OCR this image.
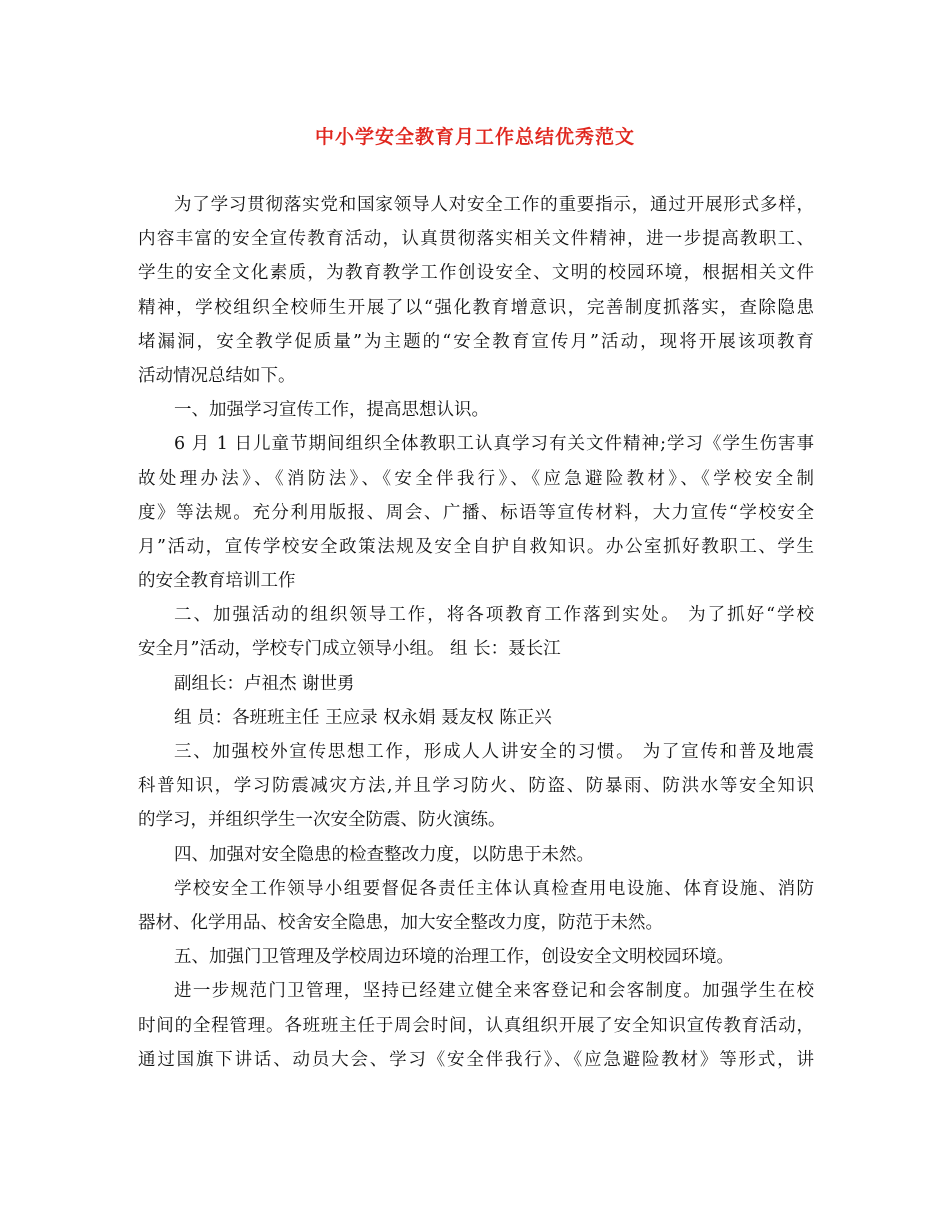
中小学安全教育月工作总结优秀范文
为了学习贯彻落实党和国家领导人对安全工作的重要指示，通过开展形式多样，
内容丰富的安全宣传教育活动，认真贯彻落实相关文件精神，进一步提高教职工、
学生的安全文化素质，为教育教学工作创设安全、文明的校园环境，根据相关文件
精神，学校组织全校师生开展了以“强化教育增意识，完善制度抓落实，查除隐患
堵漏洞，安全教学促质量”为主题的“安全教育宣传月”活动，现将开展该项教育
活动情况总结如下。
一、加强学习宣传工作，提高思想认识。
6 月 1 日儿童节期间组织全体教职工认真学习有关文件精神;学习《学生伤害事
故处理办法》、《消防法》、《安全伴我行》、《应急避险教材》、《学校安全制
度》等法规。充分利用版报、周会、广播、标语等宣传材料，大力宣传“学校安全
月”活动，宣传学校安全政策法规及安全自护自救知识。办公室抓好教职工、学生
的安全教育培训工作
二、加强活动的组织领导工作，将各项教育工作落到实处。 为了抓好“学校
安全月”活动，学校专门成立领导小组。 组 长：聂长江
副组长：卢祖杰 谢世勇
组 员：各班班主任 王应录 权永娟 聂友权 陈正兴
三、加强校外宣传思想工作，形成人人讲安全的习惯。 为了宣传和普及地震
科普知识，学习防震减灾方法,并且学习防火、防盗、防暴雨、防洪水等安全知识
的学习，并组织学生一次安全防震、防火演练。
四、加强对安全隐患的检查整改力度，以防患于未然。
学校安全工作领导小组要督促各责任主体认真检查用电设施、体育设施、消防
器材、化学用品、校舍安全隐患，加大安全整改力度，防范于未然。
五、加强门卫管理及学校周边环境的治理工作，创设安全文明校园环境。
进一步规范门卫管理，坚持已经建立健全来客登记和会客制度。加强学生在校
时间的全程管理。各班班主任于周会时间，认真组织开展了安全知识宣传教育活动，
通过国旗下讲话、动员大会、学习《安全伴我行》、《应急避险教材》等形式，讲
